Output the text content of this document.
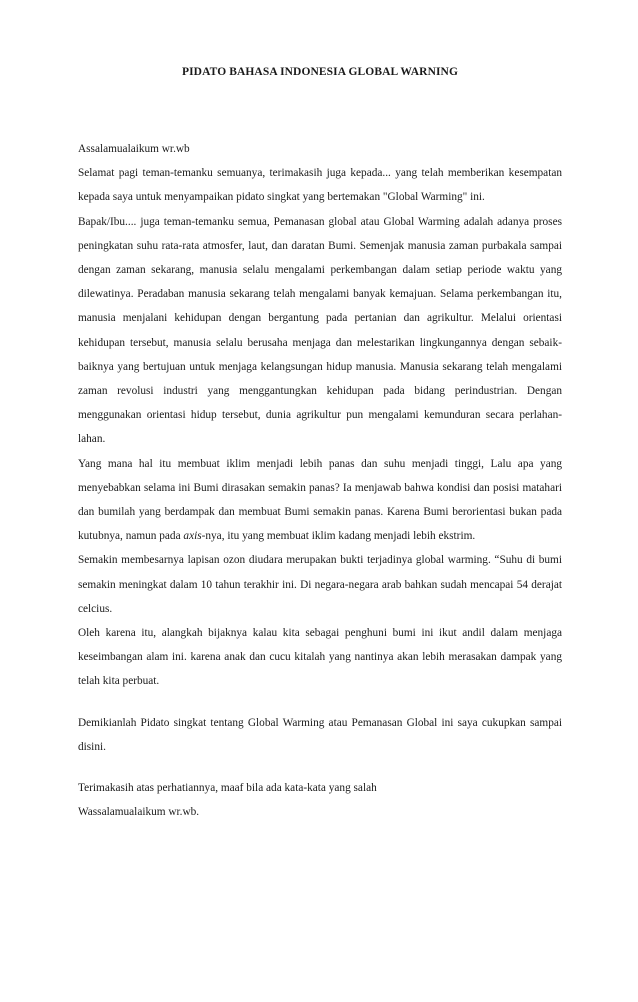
PIDATO BAHASA INDONESIA GLOBAL WARNING

Assalamualaikum wr.wb

Selamat pagi teman-temanku semuanya, terimakasih juga kepada... yang telah memberikan kesempatan kepada saya untuk menyampaikan pidato singkat yang bertemakan "Global Warming" ini.

Bapak/Ibu.... juga teman-temanku semua, Pemanasan global atau Global Warming adalah adanya proses peningkatan suhu rata-rata atmosfer, laut, dan daratan Bumi. Semenjak manusia zaman purbakala sampai dengan zaman sekarang, manusia selalu mengalami perkembangan dalam setiap periode waktu yang dilewatinya. Peradaban manusia sekarang telah mengalami banyak kemajuan. Selama perkembangan itu, manusia menjalani kehidupan dengan bergantung pada pertanian dan agrikultur. Melalui orientasi kehidupan tersebut, manusia selalu berusaha menjaga dan melestarikan lingkungannya dengan sebaik-baiknya yang bertujuan untuk menjaga kelangsungan hidup manusia. Manusia sekarang telah mengalami zaman revolusi industri yang menggantungkan kehidupan pada bidang perindustrian. Dengan menggunakan orientasi hidup tersebut, dunia agrikultur pun mengalami kemunduran secara perlahan-lahan.

Yang mana hal itu membuat iklim menjadi lebih panas dan suhu menjadi tinggi, Lalu apa yang menyebabkan selama ini Bumi dirasakan semakin panas? Ia menjawab bahwa kondisi dan posisi matahari dan bumilah yang berdampak dan membuat Bumi semakin panas. Karena Bumi berorientasi bukan pada kutubnya, namun pada axis-nya, itu yang membuat iklim kadang menjadi lebih ekstrim.

Semakin membesarnya lapisan ozon diudara merupakan bukti terjadinya global warming. “Suhu di bumi semakin meningkat dalam 10 tahun terakhir ini. Di negara-negara arab bahkan sudah mencapai 54 derajat celcius.

Oleh karena itu, alangkah bijaknya kalau kita sebagai penghuni bumi ini ikut andil dalam menjaga keseimbangan alam ini. karena anak dan cucu kitalah yang nantinya akan lebih merasakan dampak yang telah kita perbuat.

Demikianlah Pidato singkat tentang Global Warming atau Pemanasan Global ini saya cukupkan sampai disini.

Terimakasih atas perhatiannya, maaf bila ada kata-kata yang salah

Wassalamualaikum wr.wb.
